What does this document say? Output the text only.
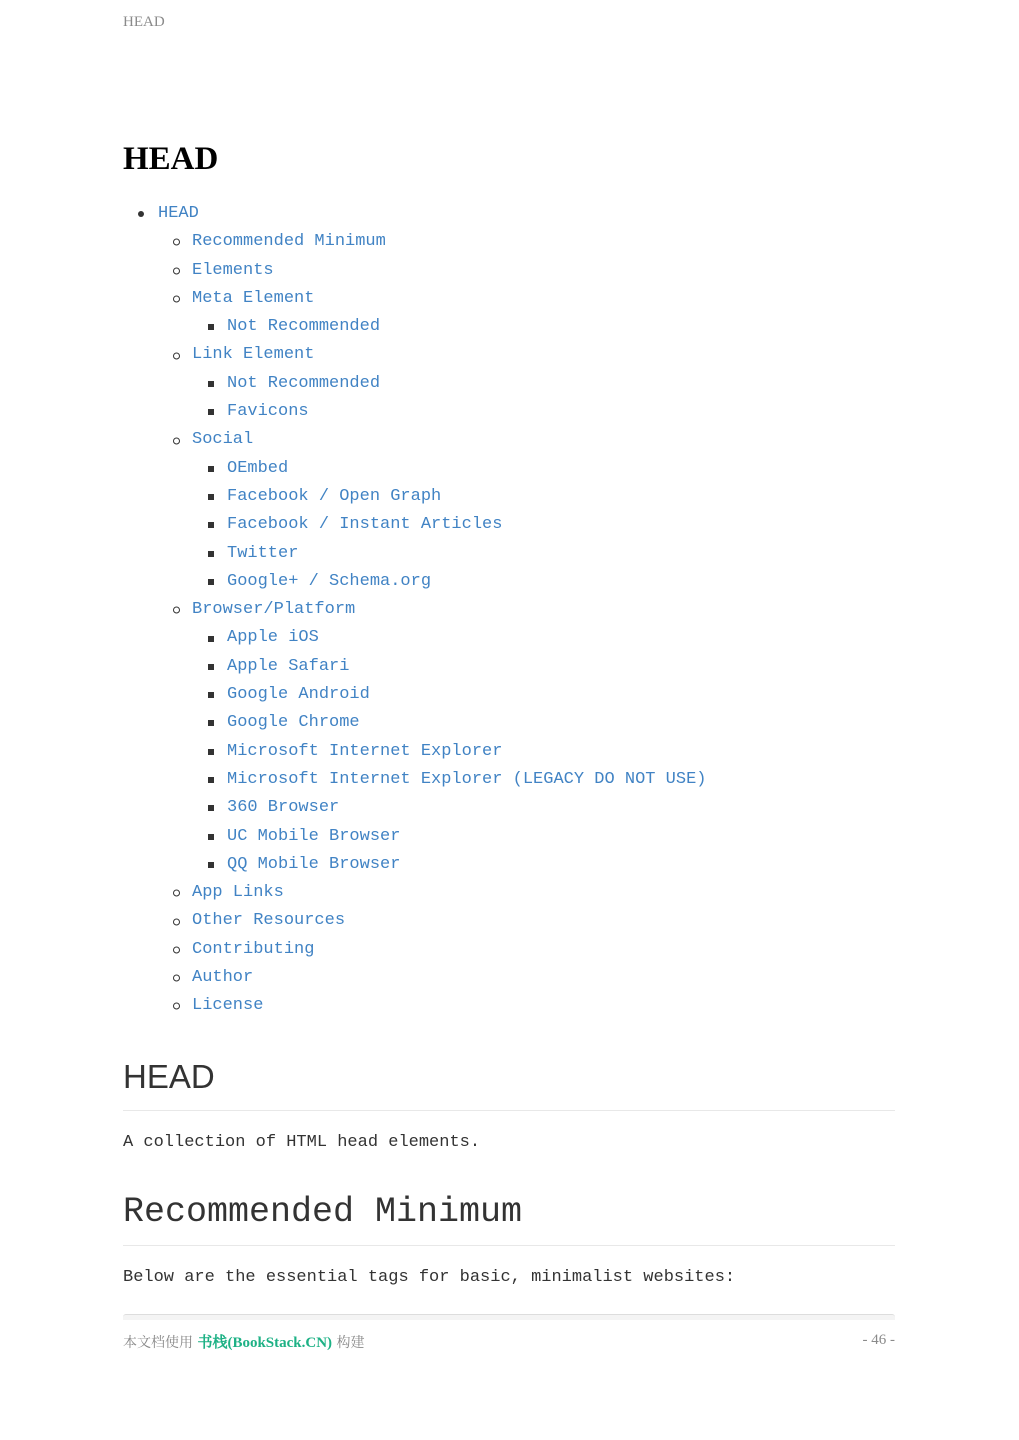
HEAD
HEAD
HEAD
Recommended Minimum
Elements
Meta Element
Not Recommended
Link Element
Not Recommended
Favicons
Social
OEmbed
Facebook / Open Graph
Facebook / Instant Articles
Twitter
Google+ / Schema.org
Browser/Platform
Apple iOS
Apple Safari
Google Android
Google Chrome
Microsoft Internet Explorer
Microsoft Internet Explorer (LEGACY DO NOT USE)
360 Browser
UC Mobile Browser
QQ Mobile Browser
App Links
Other Resources
Contributing
Author
License
HEAD

A collection of HTML head elements.

Recommended Minimum

Below are the essential tags for basic, minimalist websites:

本文档使用 书栈(BookStack.CN) 构建	- 46 -
